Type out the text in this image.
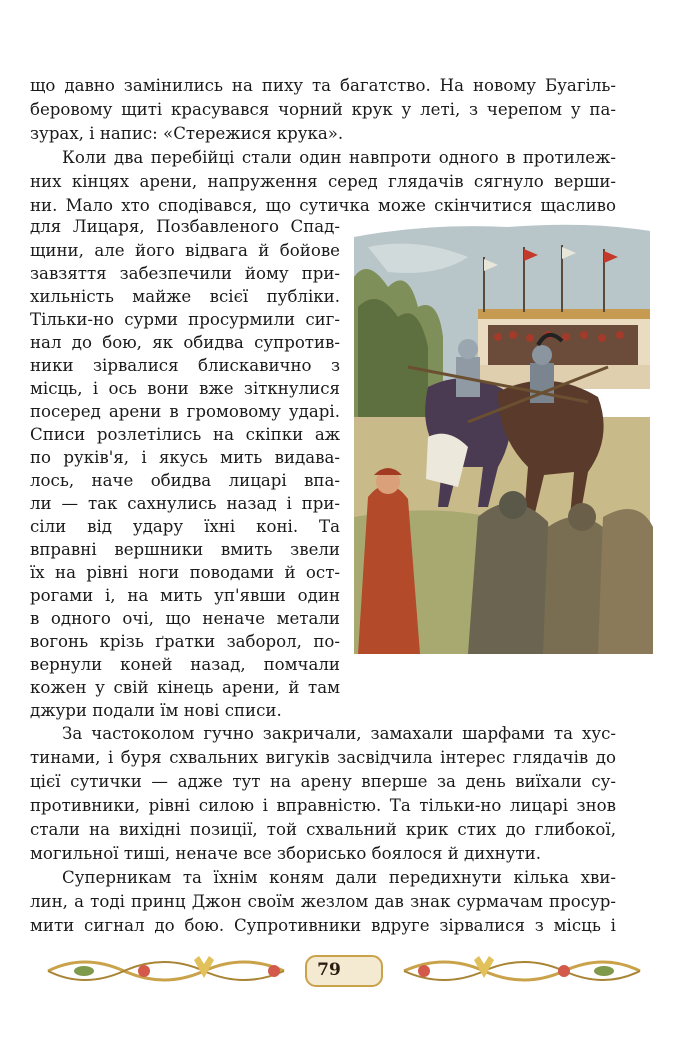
що давно замінились на пиху та багатство. На новому Буагіль-
беровому щиті красувався чорний крук у леті, з черепом у па-
зурах, і напис: «Стережися крука».
Коли два перебійці стали один навпроти одного в протилеж-
них кінцях арени, напруження серед глядачів сягнуло верши-
ни. Мало хто сподівався, що сутичка може скінчитися щасливо
для Лицаря, Позбавленого Спад-
щини, але його відвага й бойове
завзяття забезпечили йому при-
хильність майже всієї публіки.
Тільки-но сурми просурмили сиг-
нал до бою, як обидва супротив-
ники зірвалися блискавично з
місць, і ось вони вже зіткнулися
посеред арени в громовому ударі.
Списи розлетілись на скіпки аж
по руків'я, і якусь мить видава-
лось, наче обидва лицарі впа-
ли — так сахнулись назад і при-
сіли від удару їхні коні. Та
вправні вершники вмить звели
їх на рівні ноги поводами й ост-
рогами і, на мить уп'явши один
в одного очі, що неначе метали
вогонь крізь ґратки заборол, по-
вернули коней назад, помчали
кожен у свій кінець арени, й там
джури подали їм нові списи.
За частоколом гучно закричали, замахали шарфами та хус-
тинами, і буря схвальних вигуків засвідчила інтерес глядачів до
цієї сутички — адже тут на арену вперше за день виїхали су-
противники, рівні силою і вправністю. Та тільки-но лицарі знов
стали на вихідні позиції, той схвальний крик стих до глибокої,
могильної тиші, неначе все зборисько боялося й дихнути.
Суперникам та їхнім коням дали передихнути кілька хви-
лин, а тоді принц Джон своїм жезлом дав знак сурмачам просур-
мити сигнал до бою. Супротивники вдруге зірвалися з місць і
79
